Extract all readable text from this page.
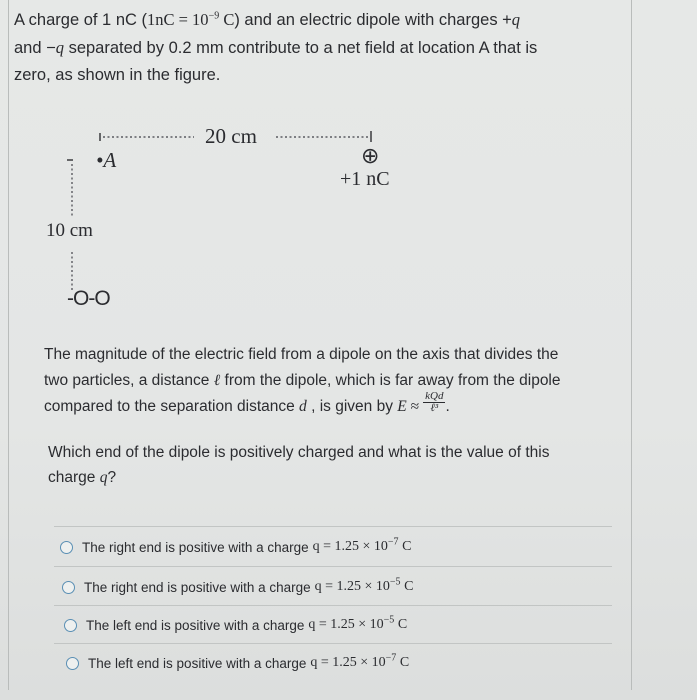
A charge of 1 nC ($1nC = 10^{-9}$ C) and an electric dipole with charges +q
and −q separated by 0.2 mm contribute to a net field at location A that is
zero, as shown in the figure.
20 cm
•A	⊕
+1 nC
10 cm
-O-O
The magnitude of the electric field from a dipole on the axis that divides the
two particles, a distance ℓ from the dipole, which is far away from the dipole
compared to the separation distance d , is given by $E \approx \frac{\text{kQd}}{\text{ℓ³}}$ .
Which end of the dipole is positively charged and what is the value of this
charge q?
The right end is positive with a charge $q = 1.25 \times 10^{-7}$ C
The right end is positive with a charge $q = 1.25 \times 10^{-5}$ C
The left end is positive with a charge $q = 1.25 \times 10^{-5}$ C
The left end is positive with a charge $q = 1.25 \times 10^{-7}$ C
